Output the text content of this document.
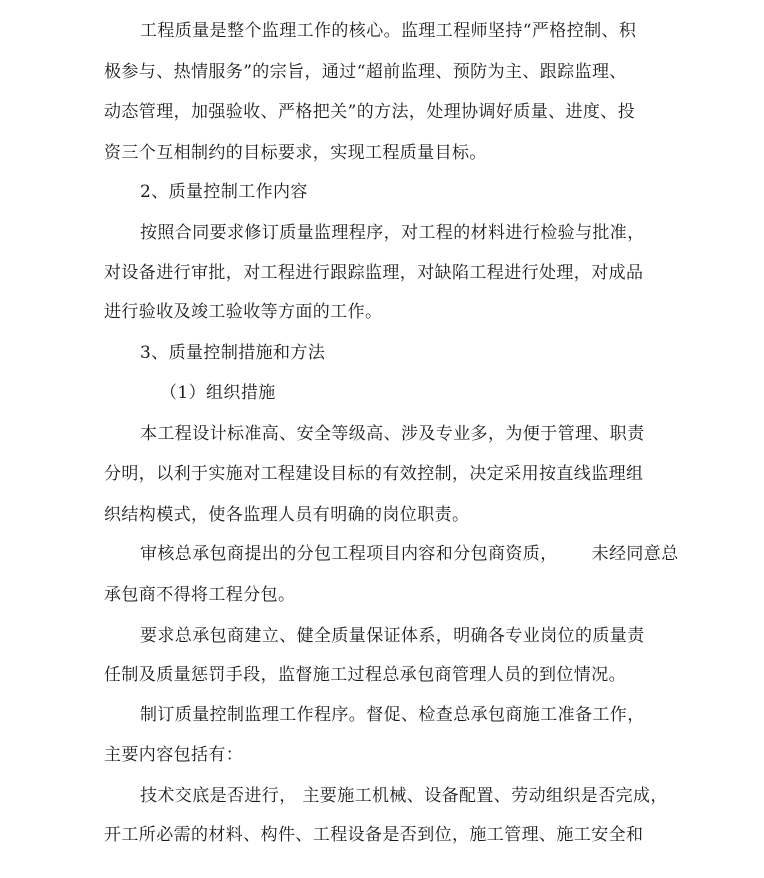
工程质量是整个监理工作的核心。监理工程师坚持“严格控制、积
极参与、热情服务”的宗旨，通过“超前监理、预防为主、跟踪监理、
动态管理，加强验收、严格把关”的方法，处理协调好质量、进度、投
资三个互相制约的目标要求，实现工程质量目标。
2、质量控制工作内容
按照合同要求修订质量监理程序，对工程的材料进行检验与批准，
对设备进行审批，对工程进行跟踪监理，对缺陷工程进行处理，对成品
进行验收及竣工验收等方面的工作。
3、质量控制措施和方法
（1）组织措施
本工程设计标准高、安全等级高、涉及专业多，为便于管理、职责
分明，以利于实施对工程建设目标的有效控制，决定采用按直线监理组
织结构模式，使各监理人员有明确的岗位职责。
审核总承包商提出的分包工程项目内容和分包商资质， 未经同意总
承包商不得将工程分包。
要求总承包商建立、健全质量保证体系，明确各专业岗位的质量责
任制及质量惩罚手段，监督施工过程总承包商管理人员的到位情况。
制订质量控制监理工作程序。督促、检查总承包商施工准备工作，
主要内容包括有：
技术交底是否进行， 主要施工机械、设备配置、劳动组织是否完成，
开工所必需的材料、构件、工程设备是否到位，施工管理、施工安全和
